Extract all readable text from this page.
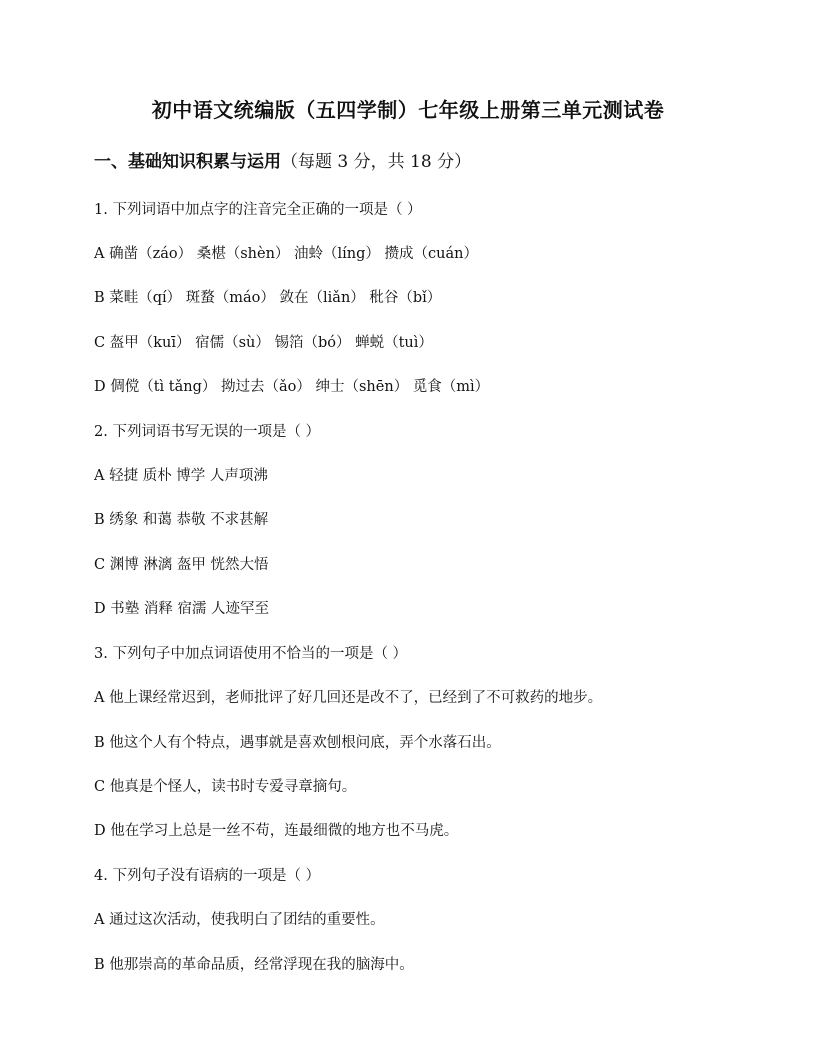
初中语文统编版（五四学制）七年级上册第三单元测试卷
一、基础知识积累与运用（每题 3 分，共 18 分）
1. 下列词语中加点字的注音完全正确的一项是（ ）
A 确凿（záo） 桑椹（shèn） 油蛉（líng） 攒成（cuán）
B 菜畦（qí） 斑蝥（máo） 敛在（liǎn） 秕谷（bǐ）
C 盔甲（kuī） 宿儒（sù） 锡箔（bó） 蝉蜕（tuì）
D 倜傥（tì tǎng） 拗过去（ǎo） 绅士（shēn） 觅食（mì）
2. 下列词语书写无误的一项是（ ）
A 轻捷 质朴 博学 人声项沸
B 绣象 和蔼 恭敬 不求甚解
C 渊博 淋漓 盔甲 恍然大悟
D 书塾 消释 宿濡 人迹罕至
3. 下列句子中加点词语使用不恰当的一项是（ ）
A 他上课经常迟到，老师批评了好几回还是改不了，已经到了不可救药的地步。
B 他这个人有个特点，遇事就是喜欢刨根问底，弄个水落石出。
C 他真是个怪人，读书时专爱寻章摘句。
D 他在学习上总是一丝不苟，连最细微的地方也不马虎。
4. 下列句子没有语病的一项是（ ）
A 通过这次活动，使我明白了团结的重要性。
B 他那崇高的革命品质，经常浮现在我的脑海中。
